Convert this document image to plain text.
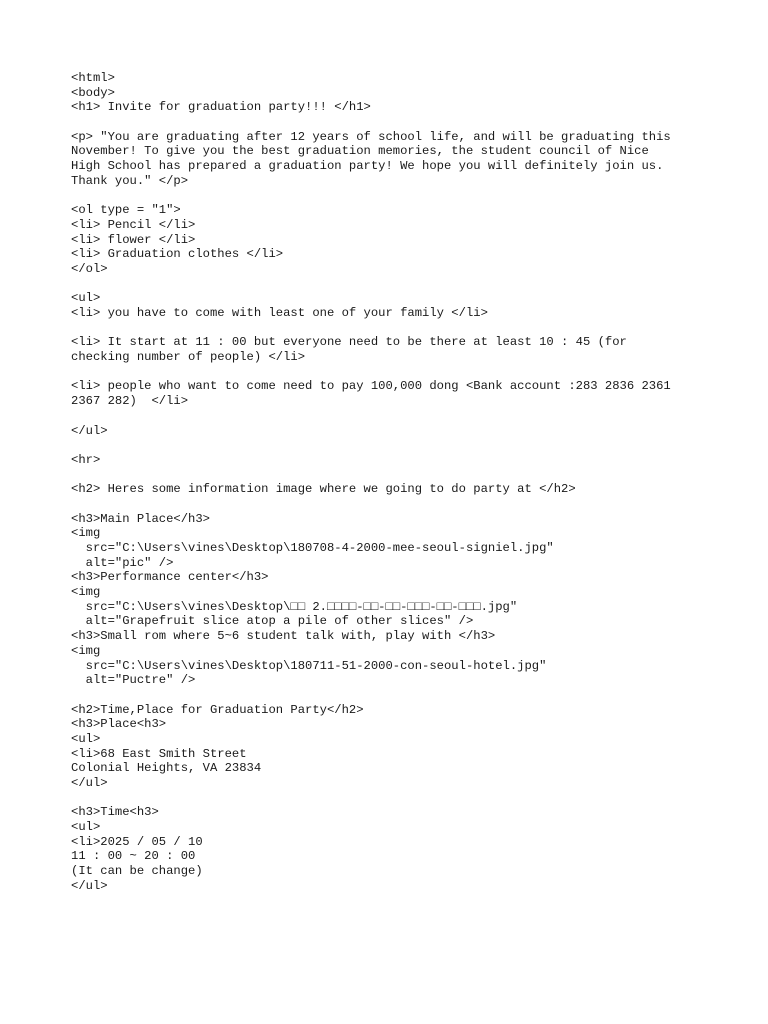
<html>
<body>
<h1> Invite for graduation party!!! </h1>
<p> "You are graduating after 12 years of school life, and will be graduating this
November! To give you the best graduation memories, the student council of Nice
High School has prepared a graduation party! We hope you will definitely join us.
Thank you." </p>
<ol type = "1">
<li> Pencil </li>
<li> flower </li>
<li> Graduation clothes </li>
</ol>
<ul>
<li> you have to come with least one of your family </li>
<li> It start at 11 : 00 but everyone need to be there at least 10 : 45 (for
checking number of people) </li>
<li> people who want to come need to pay 100,000 dong <Bank account :283 2836 2361
2367 282)  </li>
</ul>
<hr>
<h2> Heres some information image where we going to do party at </h2>
<h3>Main Place</h3>
<img
src="C:\Users\vines\Desktop\180708-4-2000-mee-seoul-signiel.jpg"
alt="pic" />
<h3>Performance center</h3>
<img
src="C:\Users\vines\Desktop\□□ 2.□□□□-□□-□□-□□□-□□-□□□.jpg"
alt="Grapefruit slice atop a pile of other slices" />
<h3>Small rom where 5~6 student talk with, play with </h3>
<img
src="C:\Users\vines\Desktop\180711-51-2000-con-seoul-hotel.jpg"
alt="Puctre" />
<h2>Time,Place for Graduation Party</h2>
<h3>Place<h3>
<ul>
<li>68 East Smith Street
Colonial Heights, VA 23834
</ul>
<h3>Time<h3>
<ul>
<li>2025 / 05 / 10
11 : 00 ~ 20 : 00
(It can be change)
</ul>
